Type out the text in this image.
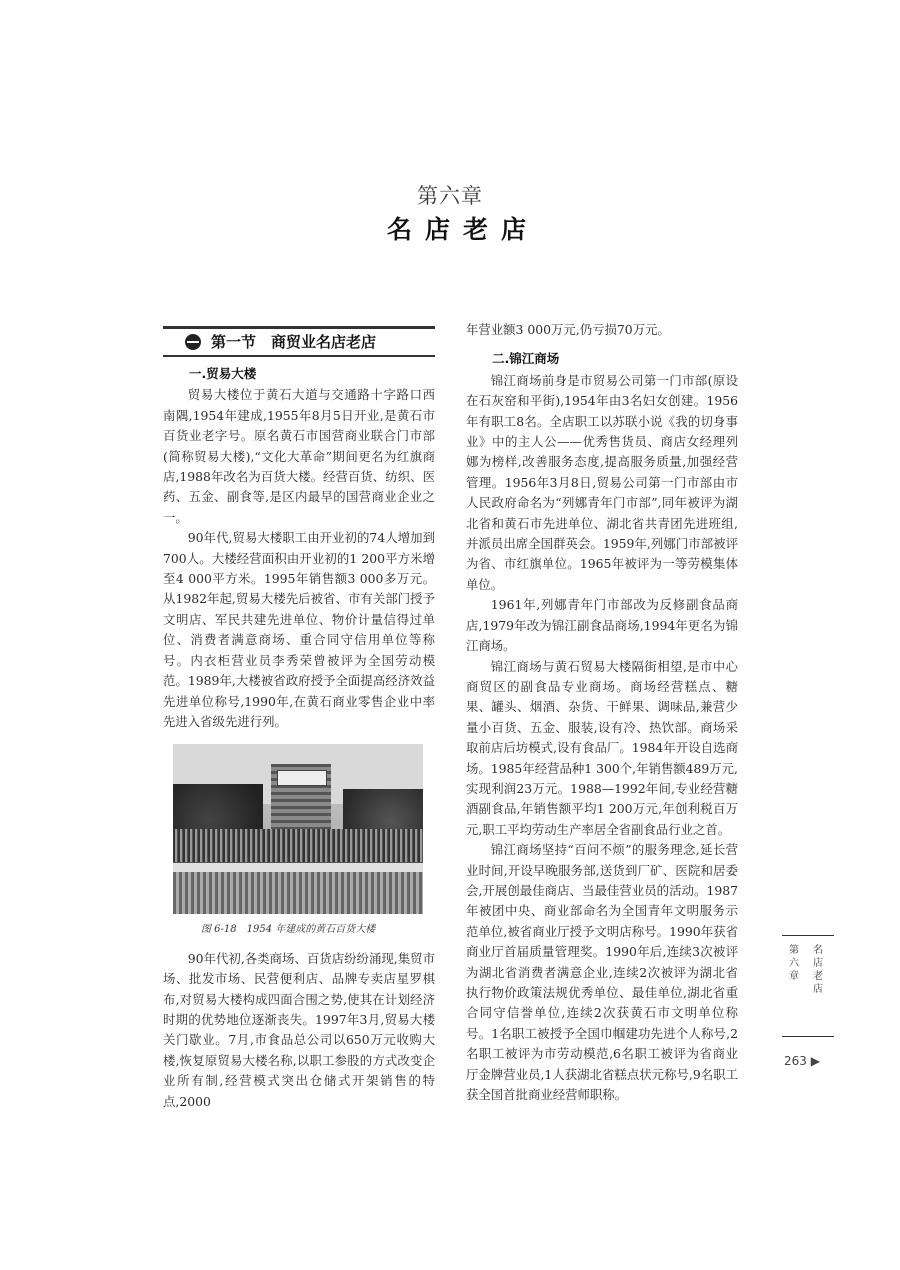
第六章
名店老店
第一节　商贸业名店老店
一.贸易大楼

贸易大楼位于黄石大道与交通路十字路口西南隅,1954年建成,1955年8月5日开业,是黄石市百货业老字号。原名黄石市国营商业联合门市部(简称贸易大楼),“文化大革命”期间更名为红旗商店,1988年改名为百货大楼。经营百货、纺织、医药、五金、副食等,是区内最早的国营商业企业之一。

90年代,贸易大楼职工由开业初的74人增加到700人。大楼经营面积由开业初的1 200平方米增至4 000平方米。1995年销售额3 000多万元。从1982年起,贸易大楼先后被省、市有关部门授予文明店、军民共建先进单位、物价计量信得过单位、消费者满意商场、重合同守信用单位等称号。内衣柜营业员李秀荣曾被评为全国劳动模范。1989年,大楼被省政府授予全面提高经济效益先进单位称号,1990年,在黄石商业零售企业中率先进入省级先进行列。

图 6-18　1954 年建成的黄石百货大楼

90年代初,各类商场、百货店纷纷涌现,集贸市场、批发市场、民营便利店、品牌专卖店星罗棋布,对贸易大楼构成四面合围之势,使其在计划经济时期的优势地位逐渐丧失。1997年3月,贸易大楼关门歇业。7月,市食品总公司以650万元收购大楼,恢复原贸易大楼名称,以职工参股的方式改变企业所有制,经营模式突出仓储式开架销售的特点,2000

年营业额3 000万元,仍亏损70万元。

二.锦江商场

锦江商场前身是市贸易公司第一门市部(原设在石灰窑和平街),1954年由3名妇女创建。1956年有职工8名。全店职工以苏联小说《我的切身事业》中的主人公——优秀售货员、商店女经理列娜为榜样,改善服务态度,提高服务质量,加强经营管理。1956年3月8日,贸易公司第一门市部由市人民政府命名为“列娜青年门市部”,同年被评为湖北省和黄石市先进单位、湖北省共青团先进班组,并派员出席全国群英会。1959年,列娜门市部被评为省、市红旗单位。1965年被评为一等劳模集体单位。

1961年,列娜青年门市部改为反修副食品商店,1979年改为锦江副食品商场,1994年更名为锦江商场。

锦江商场与黄石贸易大楼隔街相望,是市中心商贸区的副食品专业商场。商场经营糕点、糖果、罐头、烟酒、杂货、干鲜果、调味品,兼营少量小百货、五金、服装,设有冷、热饮部。商场采取前店后坊模式,设有食品厂。1984年开设自选商场。1985年经营品种1 300个,年销售额489万元,实现利润23万元。1988—1992年间,专业经营糖酒副食品,年销售额平均1 200万元,年创利税百万元,职工平均劳动生产率居全省副食品行业之首。

锦江商场坚持“百问不烦”的服务理念,延长营业时间,开设早晚服务部,送货到厂矿、医院和居委会,开展创最佳商店、当最佳营业员的活动。1987年被团中央、商业部命名为全国青年文明服务示范单位,被省商业厅授予文明店称号。1990年获省商业厅首届质量管理奖。1990年后,连续3次被评为湖北省消费者满意企业,连续2次被评为湖北省执行物价政策法规优秀单位、最佳单位,湖北省重合同守信誉单位,连续2次获黄石市文明单位称号。1名职工被授予全国巾帼建功先进个人称号,2名职工被评为市劳动模范,6名职工被评为省商业厅金牌营业员,1人获湖北省糕点状元称号,9名职工获全国首批商业经营师职称。

第六章
名店老店
263 ▶
